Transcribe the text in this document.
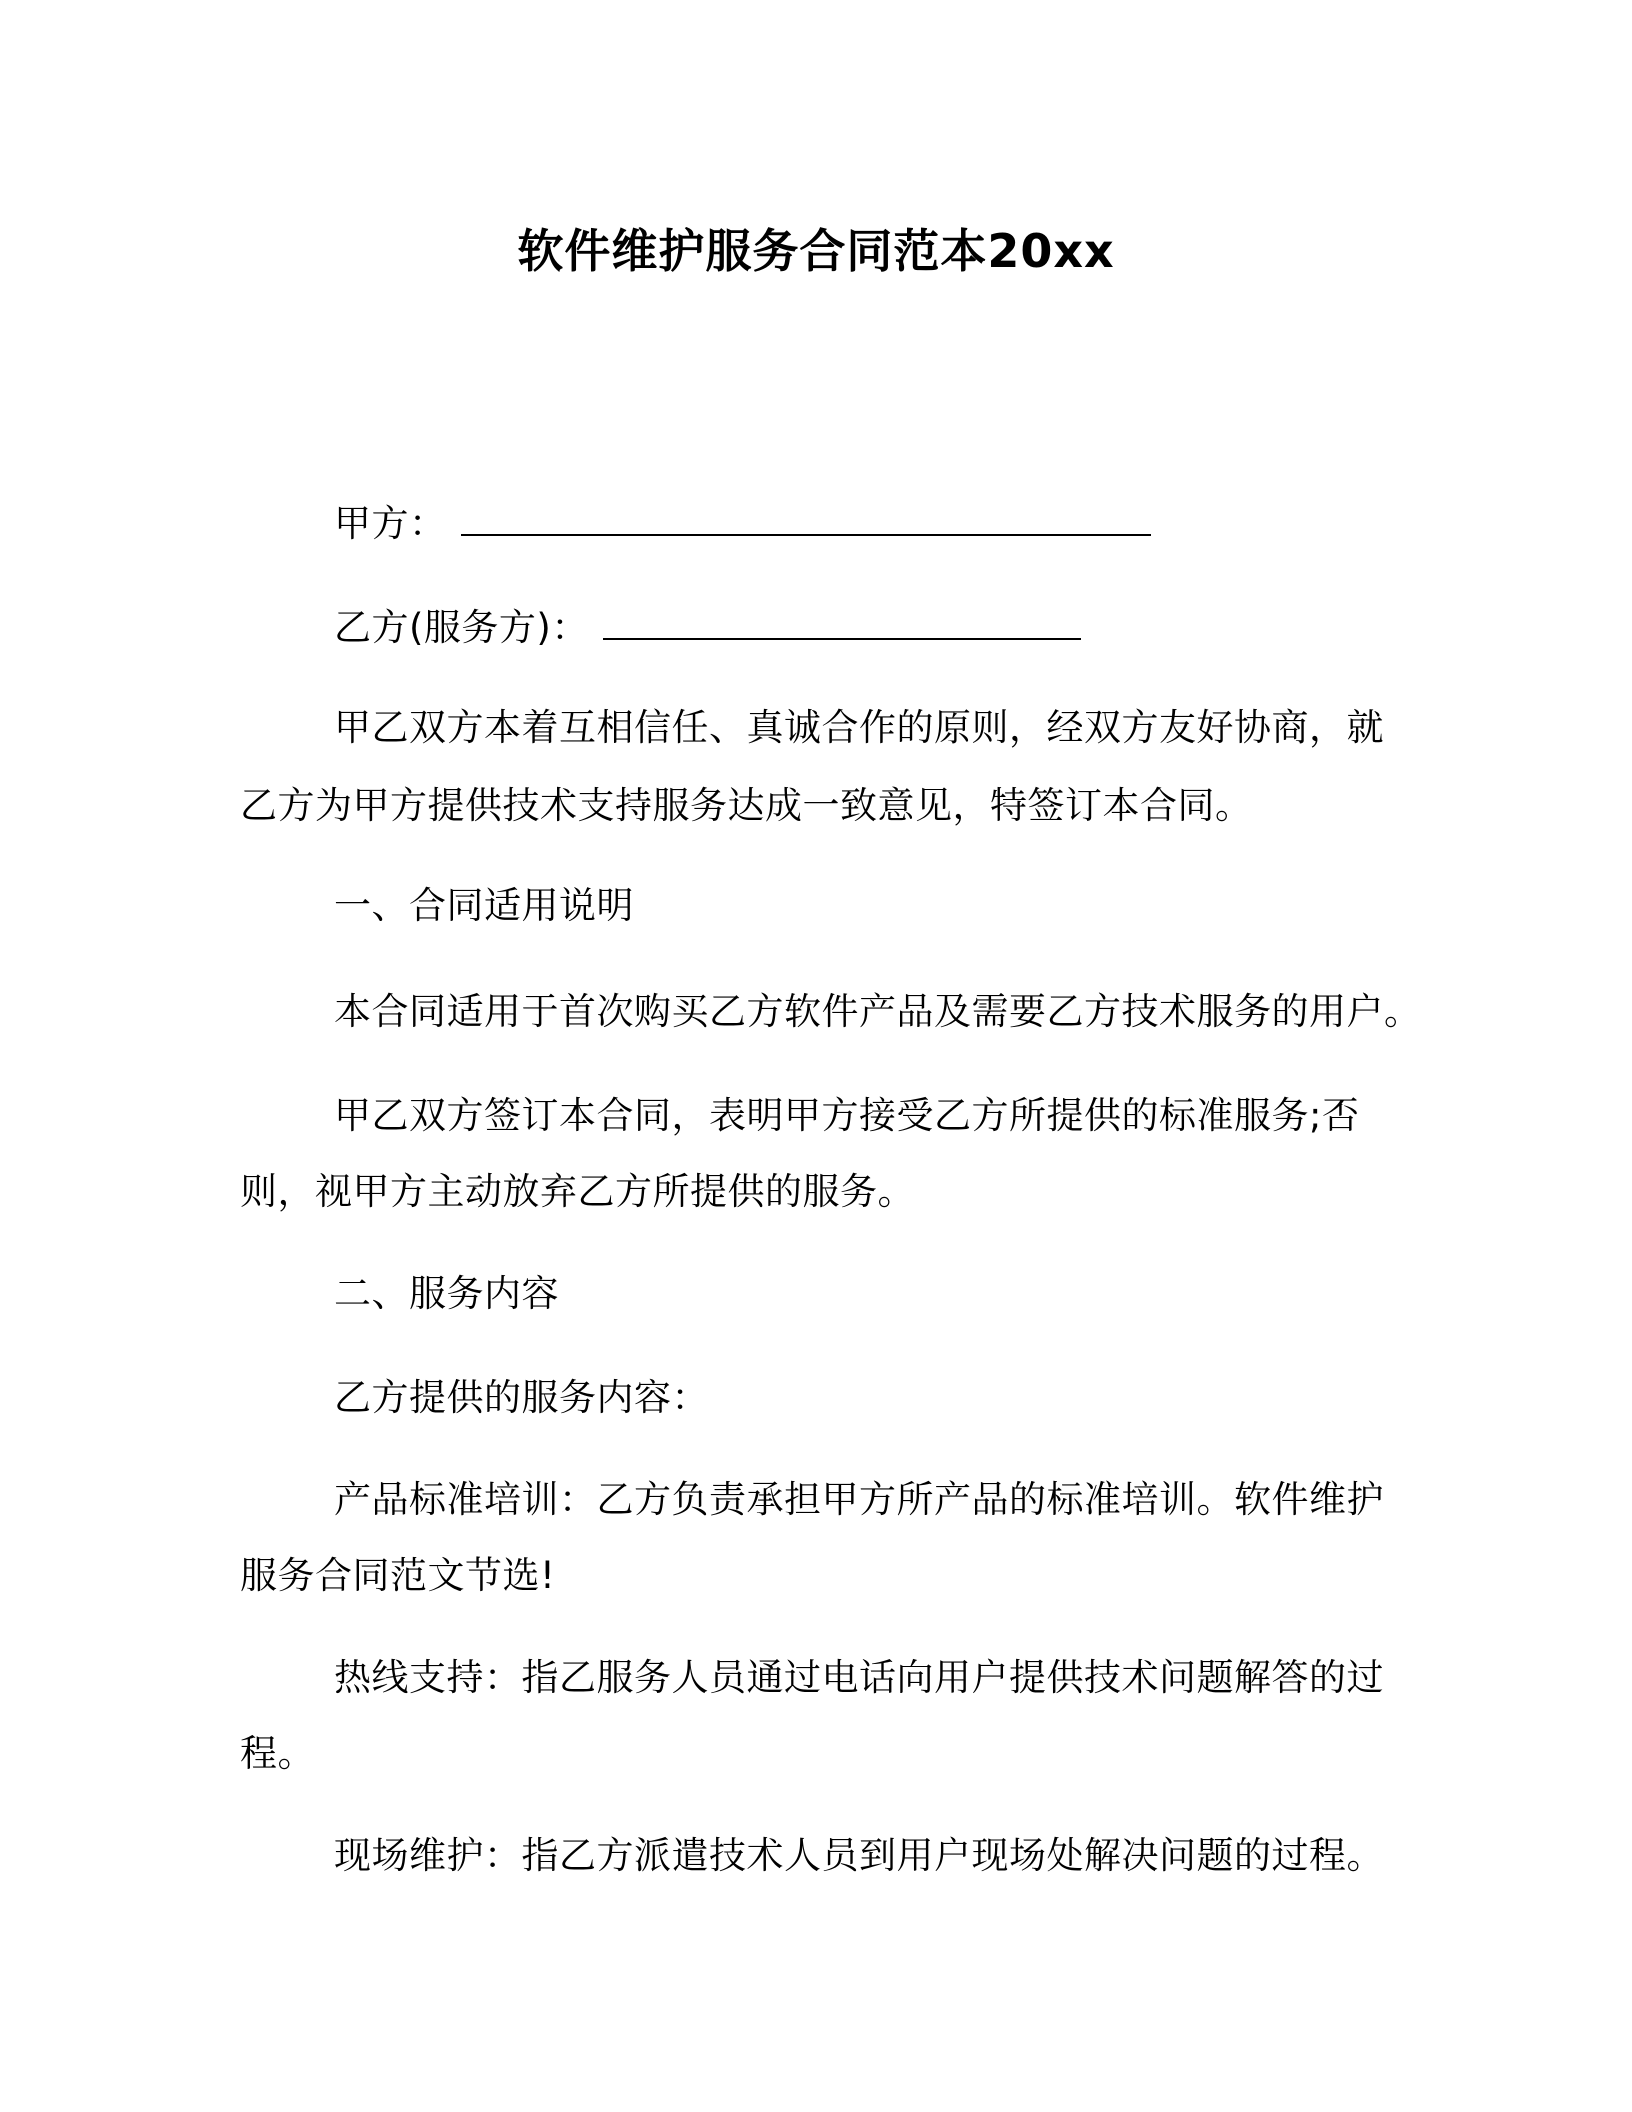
软件维护服务合同范本20xx
甲方：
乙方(服务方)：
甲乙双方本着互相信任、真诚合作的原则，经双方友好协商，就
乙方为甲方提供技术支持服务达成一致意见，特签订本合同。
一、合同适用说明
本合同适用于首次购买乙方软件产品及需要乙方技术服务的用户。
甲乙双方签订本合同，表明甲方接受乙方所提供的标准服务;否
则，视甲方主动放弃乙方所提供的服务。
二、服务内容
乙方提供的服务内容：
产品标准培训：乙方负责承担甲方所产品的标准培训。软件维护
服务合同范文节选!
热线支持：指乙服务人员通过电话向用户提供技术问题解答的过
程。
现场维护：指乙方派遣技术人员到用户现场处解决问题的过程。
